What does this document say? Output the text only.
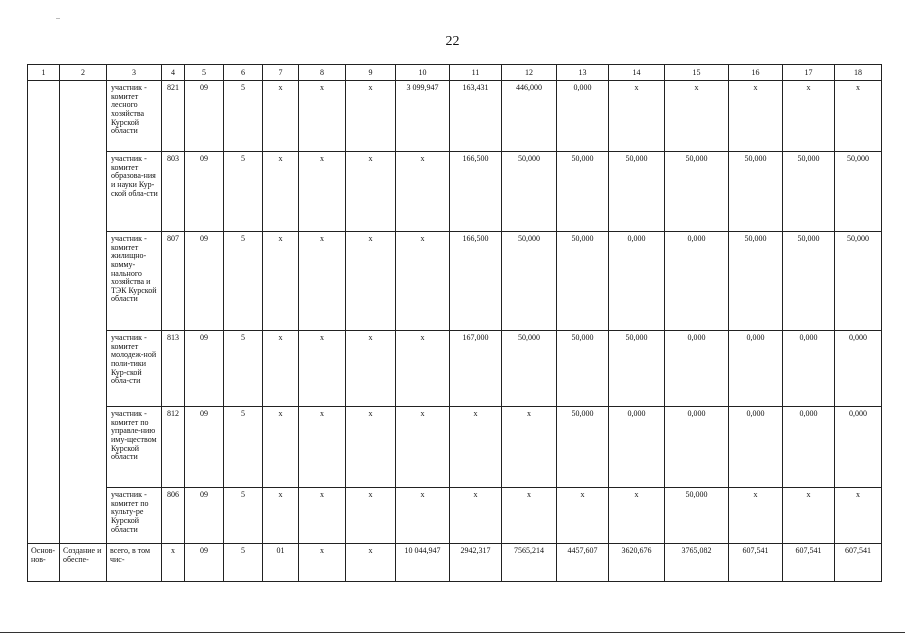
22
1	2	3	4	5	6	7	8	9	10	11	12	13	14	15	16	17	18
		участник - комитет лесного хозяйства Курской области	821	09	5	х	х	х	3 099,947	163,431	446,000	0,000	х	х	х	х	х
		участник - комитет образова-ния и науки Кур-ской обла-сти	803	09	5	х	х	х	х	166,500	50,000	50,000	50,000	50,000	50,000	50,000	50,000
		участник - комитет жилищно-комму-нального хозяйства и ТЭК Курской области	807	09	5	х	х	х	х	166,500	50,000	50,000	0,000	0,000	50,000	50,000	50,000
		участник - комитет молодеж-ной поли-тики Кур-ской обла-сти	813	09	5	х	х	х	х	167,000	50,000	50,000	50,000	0,000	0,000	0,000	0,000
		участник - комитет по управле-нию иму-ществом Курской области	812	09	5	х	х	х	х	х	х	50,000	0,000	0,000	0,000	0,000	0,000
		участник - комитет по культу-ре Курской области	806	09	5	х	х	х	х	х	х	х	х	50,000	х	х	х
Основ-нов-	Создание и обеспе-	всего, в том чис-	х	09	5	01	х	х	10 044,947	2942,317	7565,214	4457,607	3620,676	3765,082	607,541	607,541	607,541
